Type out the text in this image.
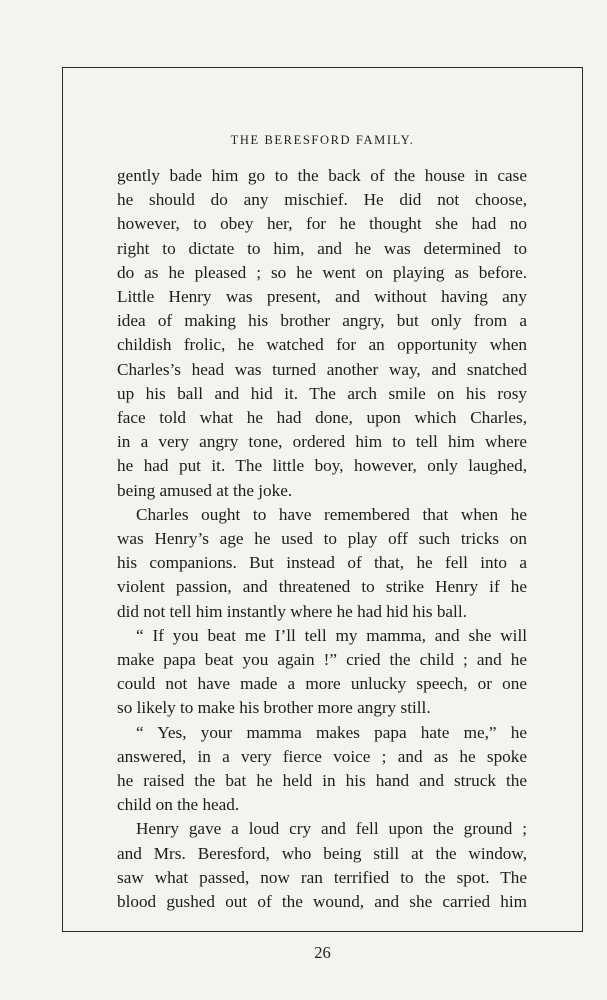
THE BERESFORD FAMILY.
gently bade him go to the back of the house in case
he should do any mischief. He did not choose,
however, to obey her, for he thought she had no
right to dictate to him, and he was determined to
do as he pleased ; so he went on playing as before.
Little Henry was present, and without having any
idea of making his brother angry, but only from a
childish frolic, he watched for an opportunity when
Charles’s head was turned another way, and snatched
up his ball and hid it. The arch smile on his rosy
face told what he had done, upon which Charles,
in a very angry tone, ordered him to tell him where
he had put it. The little boy, however, only laughed,
being amused at the joke.
Charles ought to have remembered that when he
was Henry’s age he used to play off such tricks on
his companions. But instead of that, he fell into a
violent passion, and threatened to strike Henry if he
did not tell him instantly where he had hid his ball.
“ If you beat me I’ll tell my mamma, and she will
make papa beat you again !” cried the child ; and he
could not have made a more unlucky speech, or one
so likely to make his brother more angry still.
“ Yes, your mamma makes papa hate me,” he
answered, in a very fierce voice ; and as he spoke
he raised the bat he held in his hand and struck the
child on the head.
Henry gave a loud cry and fell upon the ground ;
and Mrs. Beresford, who being still at the window,
saw what passed, now ran terrified to the spot. The
blood gushed out of the wound, and she carried him
26
